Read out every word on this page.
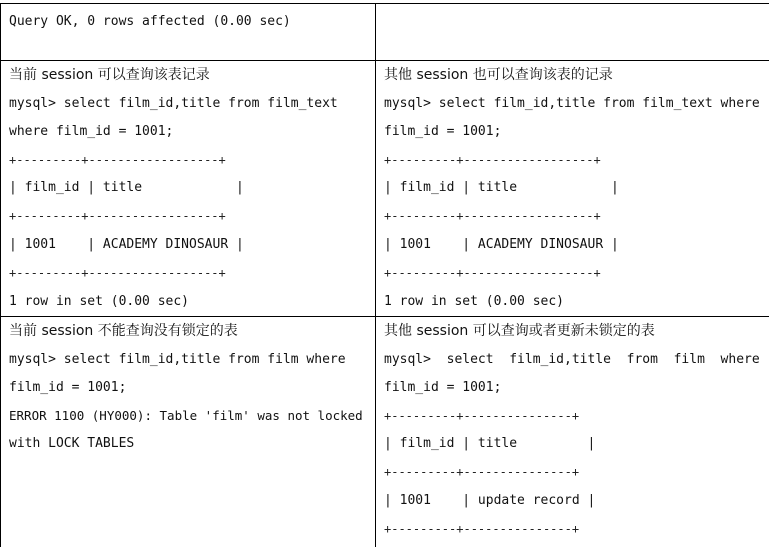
Query OK, 0 rows affected (0.00 sec)
当前 session 可以查询该表记录
mysql> select film_id,title from film_text
where film_id = 1001;
+---------+------------------+
| film_id | title            |
+---------+------------------+
| 1001    | ACADEMY DINOSAUR |
+---------+------------------+
1 row in set (0.00 sec)
其他 session 也可以查询该表的记录
mysql> select film_id,title from film_text where
film_id = 1001;
+---------+------------------+
| film_id | title            |
+---------+------------------+
| 1001    | ACADEMY DINOSAUR |
+---------+------------------+
1 row in set (0.00 sec)
当前 session 不能查询没有锁定的表
mysql> select film_id,title from film where
film_id = 1001;
ERROR 1100 (HY000): Table 'film' was not locked
with LOCK TABLES
其他 session 可以查询或者更新未锁定的表
mysql>  select  film_id,title  from  film  where
film_id = 1001;
+---------+---------------+
| film_id | title         |
+---------+---------------+
| 1001    | update record |
+---------+---------------+
